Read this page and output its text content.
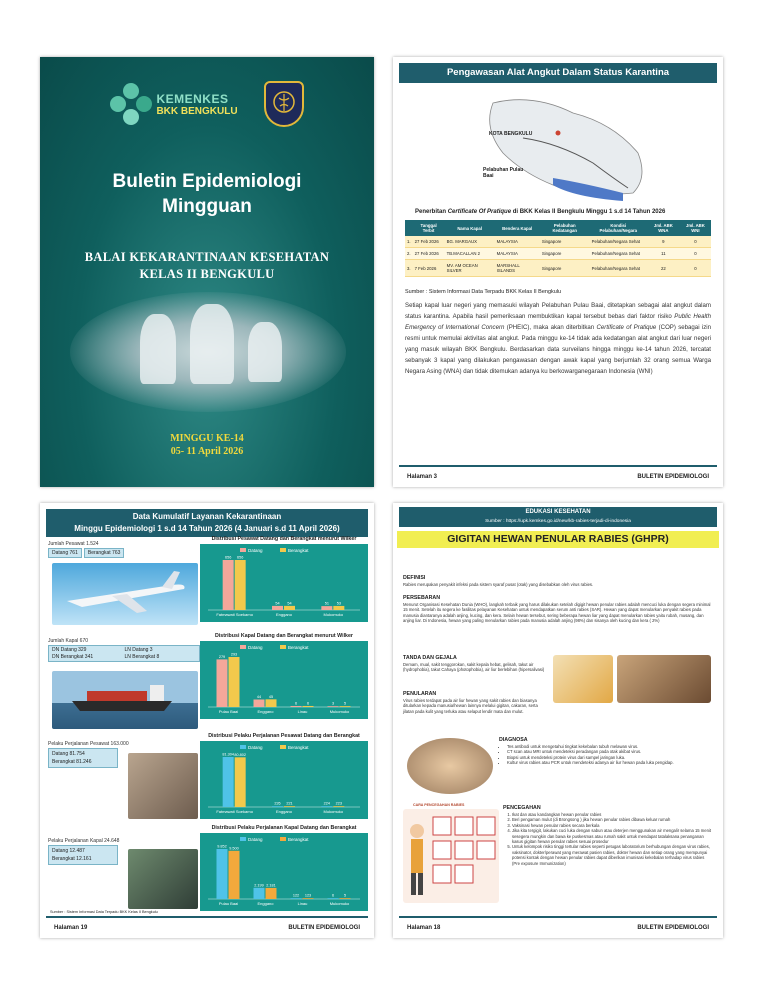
KEMENKES
BKK BENGKULU
Buletin Epidemiologi
Mingguan
BALAI KEKARANTINAAN KESEHATAN
KELAS II BENGKULU
MINGGU KE-14
05- 11 April 2026
Pengawasan Alat Angkut Dalam Status Karantina
KOTA BENGKULU
Pelabuhan Pulau Baai
Penerbitan Certificate Of Pratique di BKK Kelas II Bengkulu Minggu 1 s.d 14 Tahun 2026
	Tanggal Terbit	Nama Kapal	Bendera Kapal	Pelabuhan Kedatangan	Kondisi Pelabuhan/Negara	Jml. ABK WNA	Jml. ABK WNI
1.	27 Feb 2026	BG. MARGAUX	MALAYSIA	Singapore	Pelabuhan/Negara Sehat	9	0
2.	27 Feb 2026	TB.MACALLAN 2	MALAYSIA	Singapore	Pelabuhan/Negara Sehat	11	0
3.	7 Feb 2026	MV. AM OCEAN SILVER	MARSHALL ISLANDS	Singapore	Pelabuhan/Negara Sehat	22	0
Sumber : Sistem Informasi Data Terpadu BKK Kelas II Bengkulu
Setiap kapal luar negeri yang memasuki wilayah Pelabuhan Pulau Baai, ditetapkan sebagai alat angkut dalam status karantina. Apabila hasil pemeriksaan membuktikan kapal tersebut bebas dari faktor risiko Public Health Emergency of International Concern (PHEIC), maka akan diterbitkan Certificate of Pratique (COP) sebagai izin resmi untuk memulai aktivitas alat angkut. Pada minggu ke-14 tidak ada kedatangan alat angkut dari luar negeri yang masuk wilayah BKK Bengkulu. Berdasarkan data surveilans hingga minggu ke-14 tahun 2026, tercatat sebanyak 3 kapal yang dilakukan pengawasan dengan awak kapal yang berjumlah 32 orang semua Warga Negara Asing (WNA) dan tidak ditemukan adanya ku berkowarganegaraan Indonesia (WNI)
Halaman 3	BULETIN EPIDEMIOLOGI
Data Kumulatif Layanan Kekarantinaan
Minggu Epidemiologi 1 s.d 14 Tahun 2026 (4 Januari s.d 11 April 2026)
Jumlah Pesawat 1.524
Datang 761	Berangkat 763
Jumlah Kapal 670
DN Datang 329	LN Datang 3
DN Berangkat 341	LN Berangkat 8
Pelaku Perjalanan Pesawat 163.000
Datang 81.754
Berangkat 81.246
Pelaku Perjalanan Kapal 24.648
Datang 12.487
Berangkat 12.161
Distribusi Pesawat Datang dan Berangkat menurut Wilker
Datang	Berangkat
656 656
Fatmawati Soekarno
54 54
Enggano
51 53
Mukomuko
Distribusi Kapal Datang dan Berangkat menurut Wilker
Datang	Berangkat
279
293
Pulau Baai
44 45
Enggano
6	6
Linau
3	5
Mukomuko
Distribusi Pelaku Perjalanan Pesawat Datang dan Berangkat
Datang	Berangkat
81.304 80.802
Fatmawati Soekarno
226 221
Enggano
224 223
Mukomuko
Distribusi Pelaku Perjalanan Kapal Datang dan Berangkat
Datang	Berangkat
9.852 9.500
Pulau Baai
2.199 2.181
Enggano
122 123
Linau
6	5
Mukomuko
Sumber : Sistem Informasi Data Terpadu BKK Kelas II Bengkulu
Halaman 19	BULETIN EPIDEMIOLOGI
EDUKASI KESEHATAN
Sumber : https://upk.kemkes.go.id/new/kb-rabies-terjadi-di-indonesia
GIGITAN HEWAN PENULAR RABIES (GHPR)
DEFINISI
Rabies merupakan penyakit infeksi pada sistem syaraf pusat (otak) yang disebabkan oleh virus rabies.
PERSEBARAN
Menurut Organisasi Kesehatan Dunia (WHO), langkah terbaik yang harus dilakukan setelah digigit hewan penular rabies adalah mencuci luka dengan segera minimal 15 menit. Setelah itu segera ke fasilitas pelayanan Kesehatan untuk mendapatkan serum anti rabies (SAR). Hewan yang dapat menularkan penyakit rabies pada manusia diantaranya adalah anjing, kucing, dan kera. Selain hewan tersebut, sering beberapa hewan liar yang dapat menularkan rabies yaitu rubah, musang, dan anjing liar. Di Indonesia, hewan yang paling menularkan rabies pada manusia adalah anjing (98%) dan sisanya oleh kucing dan kera ( 2%)
TANDA DAN GEJALA
Demam, mual, sakit tenggorokan, sakit kepala hebat, gelisah, takut air (hydrophobia), takut Cahaya (photophobia), air liur berlebihan (hipersalivasi)
PENULARAN
Virus rabies terdapat pada air liur hewan yang sakit rabies dan biasanya ditularkan kepada manusia/hewan lainnya melalui gigitan, cakaran, serta jilatan pada kulit yang terluka atau selaput lendir mata dan mulut.
DIAGNOSA
• Tes antibodi untuk mengetahui tingkat kekebalan tubuh melawan virus.
• CT scan atau MRI untuk mendeteksi peradangan pada otak akibat virus.
• Biopsi untuk mendeteksi protein virus dari sampel jaringan luka.
• Kultur virus rabies atau PCR untuk mendeteksi adanya air liur hewan pada luka pengidap.
CARA PENCEGAHAN RABIES	PENCEGAHAN
1. Ikat dan atau kandangkan hewan penular rabies
2. Beri pengaman mulut (di Brongsong ) jika hewan penular rabies dibawa keluar rumah
3. Vaksinasi hewan penular rabies secara berkala
4. Jika kita tergigit, lakukan cuci luka dengan sabun atau deterjen menggunakan air mengalir selama 15 menit sesegera mungkin dan bawa ke puskesmas atau rumah sakit untuk mendapat tatalaksana penanganan kasus gigitan hewan penular rabies sesuai prosedur
5. Untuk kelompok risiko tinggi tertular rabies seperti petugas laboratorium berhubungan dengan virus rabies, vaksinator, dokter/perawat yang merawat pasien rabies, dokter hewan dan setiap orang yang mempunyai potensi kontak dengan hewan penular rabies dapat diberikan imunisasi kekebalan terhadap virus rabies (Pre exposure Immunization)
Halaman 18	BULETIN EPIDEMIOLOGI
